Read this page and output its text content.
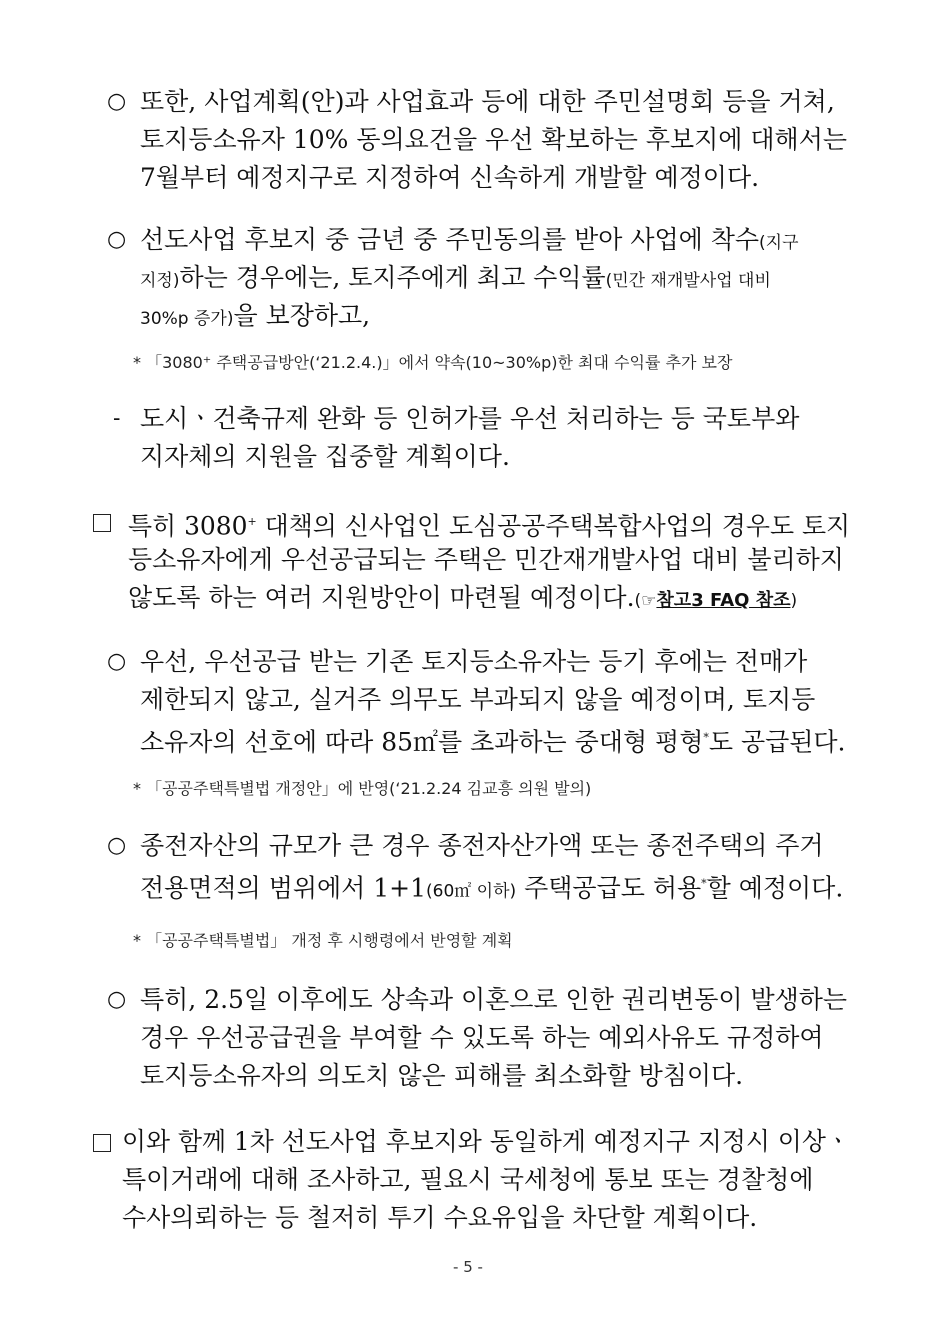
○ 또한, 사업계획(안)과 사업효과 등에 대한 주민설명회 등을 거쳐,
토지등소유자 10% 동의요건을 우선 확보하는 후보지에 대해서는
7월부터 예정지구로 지정하여 신속하게 개발할 예정이다.
○ 선도사업 후보지 중 금년 중 주민동의를 받아 사업에 착수(지구
지정)하는 경우에는, 토지주에게 최고 수익률(민간 재개발사업 대비
30%p 증가)을 보장하고,
* 「3080⁺ 주택공급방안(‘21.2.4.)」에서 약속(10~30%p)한 최대 수익률 추가 보장
- 도시ㆍ건축규제 완화 등 인허가를 우선 처리하는 등 국토부와
지자체의 지원을 집중할 계획이다.
특히 3080+ 대책의 신사업인 도심공공주택복합사업의 경우도 토지
등소유자에게 우선공급되는 주택은 민간재개발사업 대비 불리하지
않도록 하는 여러 지원방안이 마련될 예정이다.(☞참고3 FAQ 참조)
○ 우선, 우선공급 받는 기존 토지등소유자는 등기 후에는 전매가
제한되지 않고, 실거주 의무도 부과되지 않을 예정이며, 토지등
소유자의 선호에 따라 85㎡를 초과하는 중대형 평형*도 공급된다.
* 「공공주택특별법 개정안」에 반영(‘21.2.24 김교흥 의원 발의)
○ 종전자산의 규모가 큰 경우 종전자산가액 또는 종전주택의 주거
전용면적의 범위에서 1+1(60㎡ 이하) 주택공급도 허용*할 예정이다.
* 「공공주택특별법」 개정 후 시행령에서 반영할 계획
○ 특히, 2.5일 이후에도 상속과 이혼으로 인한 권리변동이 발생하는
경우 우선공급권을 부여할 수 있도록 하는 예외사유도 규정하여
토지등소유자의 의도치 않은 피해를 최소화할 방침이다.
이와 함께 1차 선도사업 후보지와 동일하게 예정지구 지정시 이상ㆍ
특이거래에 대해 조사하고, 필요시 국세청에 통보 또는 경찰청에
수사의뢰하는 등 철저히 투기 수요유입을 차단할 계획이다.
- 5 -
